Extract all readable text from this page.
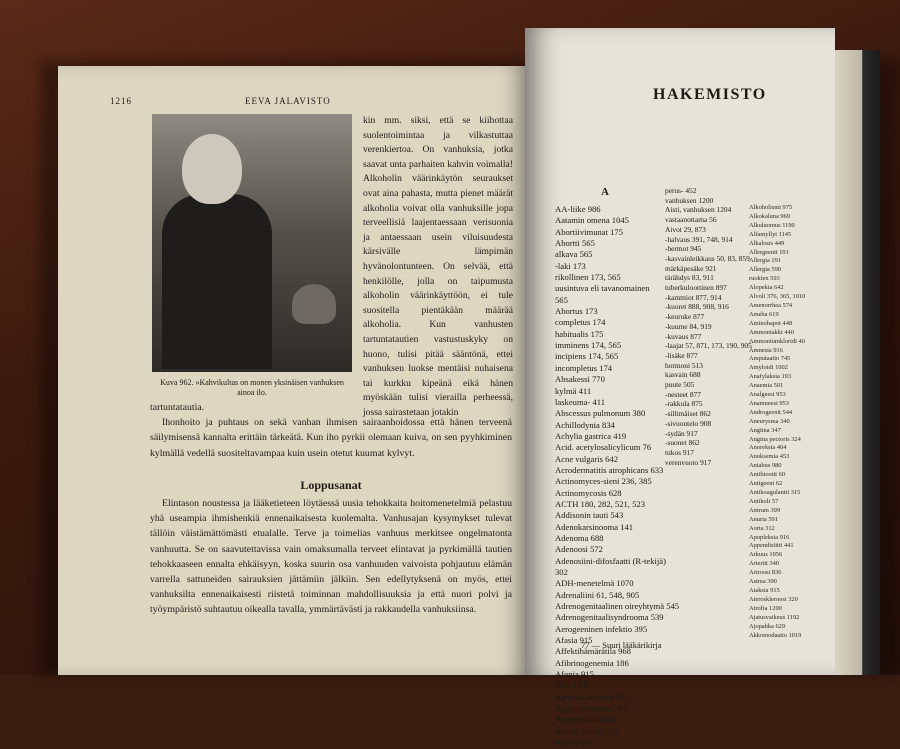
1216	EEVA JALAVISTO
Kuva 962. »Kahvikultas on monen yksinäisen vanhuksen ainoa ilo.
kin mm. siksi, että se kiihottaa suolentoimintaa ja vilkastuttaa verenkiertoa. On vanhuksia, jotka saavat unta parhaiten kahvin voimalla! Alkoholin väärinkäytön seuraukset ovat aina pahasta, mutta pienet määrät alkoholia voivat olla vanhuksille jopa terveellisiä laajentaessaan verisuonia ja antaessaan usein viluisuudesta kärsivälle lämpimän hyvänolontunteen. On selvää, että henkilölle, jolla on taipumusta alkoholin väärinkäyttöön, ei tule suositella pientäkään määrää alkoholia. Kun vanhusten tartuntatautien vastustuskyky on huono, tulisi pitää sääntönä, ettei vanhuksen luokse mentäisi nuhaisena tai kurkku kipeänä eikä hänen myöskään tulisi vierailla perheessä, jossa sairastetaan jotakin
tartuntatautia.

Ihonhoito ja puhtaus on sekä vanhan ihmisen sairaanhoidossa että hänen terveenä säilymisensä kannalta erittäin tärkeätä. Kun iho pyrkii olemaan kuiva, on sen pyyhkiminen kylmällä vedellä suositeltavampaa kuin usein otetut kuumat kylvyt.

Loppusanat

Elintason noustessa ja lääketieteen löytäessä uusia tehokkaita hoitomenetelmiä pelastuu yhä useampia ihmishenkiä ennenaikaisesta kuolemalta. Vanhusajan kysymykset tulevat tällöin väistämättömästi etualalle. Terve ja toimelias vanhuus merkitsee ongelmatonta vanhuutta. Se on saavutettavissa vain omaksumalla terveet elintavat ja pyrkimällä tautien tehokkaaseen ennalta ehkäisyyn, koska suurin osa vanhuuden vaivoista pohjautuu elämän varrella sattuneiden sairauksien jättämiin jälkiin. Sen edellytyksenä on myös, ettei vanhuksilta ennenaikaisesti riistetä toiminnan mahdollisuuksia ja että nuori polvi ja työympäristö suhtautuu oikealla tavalla, ymmärtävästi ja rakkaudella vanhuksiinsa.

HAKEMISTO
A
AA-liike 986
Aatamin omena 1045
Abortiivimunat 175
Abortti 565
alkava 565
-laki 173
rikollinen 173, 565
uusintuva eli tavanomainen
565
Abortus 173
completus 174
habitualis 175
imminens 174, 565
incipiens 174, 565
incompletus 174
Absakessi 770
kylmä 411
laskeuma- 411
Abscessus pulmonum 380
Achillodynia 834
Achylia gastrica 419
Acid. acetylosalicylicum 76
Acne vulgaris 642
Acrodermatitis atrophicans 633
Actinomyces-sieni 236, 385
Actinomycosis 628
ACTH 180, 282, 521, 523
Addisonin tauti 543
Adenokarsinooma 141
Adenoma 688
Adenoosi 572
Adenosiini-difosfaatti (R-tekijä)
302
ADH-menetelmä 1070
Adrenaliini 61, 548, 905
Adrenogenitaalinen oireyhtymä 545
Adrenogenitaalisyndrooma 539
Aerogeeninen infektio 395
Afasia 915
Affektihämärätila 968
Afibrinogenemia 186
Afonia 915
Afta 1095
Agnosia, optinen 915
Agranulosytoosi 592
Aineenvaihdunta
-häiriö, kalkki- 50
fosfori- 50
perus- 452
vanhuksen 1200
Aisti, vanhuksen 1204
vastaanottama 56
Aivot 29, 873
-halvaus 391, 748, 914
-hermot 945
-kasvainleikkaus 50, 83, 859
märkäpesäke 921
tärähdys 83, 911
tuberkuloottinen 897
-kammiot 877, 914
-kuoret 888, 908, 916
-keuruke 877
-kuume 84, 919
-kuvaus 877
-laajat 57, 871, 173, 190, 905
-lisäke 877
hormoni 513
kasvain 688
puute 505
-nesteet 877
-rakkula 875
-sillimäiset 862
-sivuontelo 908
-sydän 917
-suonet 862
tukos 917
verenvuoto 917
Alkoholismi 975
Alkokaluna 969
Alkuluomus 1190
Alfamyllyt 1145
Alkalosis 449
Allergeenit 191
Allergia 191
Allergia 590
ruokien 593
Alopekia 642
Alvoli 376, 365, 1010
Amenorrhea 574
Ameba 619
Aminohapot 448
Ammoniakki 440
Ammoniumkloridi 40
Amnesia 916
Amputaatio 745
Amyloidi 1002
Anafylaksia 193
Anaemia 501
Analgeesi 953
Anamneesi 953
Androgeenit 544
Aneurysma 340
Angiina 347
Angina pectoris 324
Anoreksia 404
Anoksemia 453
Antabus 980
Antibiootit 60
Antigeeni 62
Antikoagulantti 315
Antikoli 57
Antrum 399
Anuria 591
Aorta 312
Apopleksia 916
Appendisiitti 441
Arkuus 1056
Arteriit 340
Artroosi 836
Astma 390
Ataksia 915
Ateroskleroosi 320
Atrofia 1200
Ajatusvaikeus 1192
Ajopahka 629
Akkomodaatio 1019
77 — Suuri lääkärikirja
